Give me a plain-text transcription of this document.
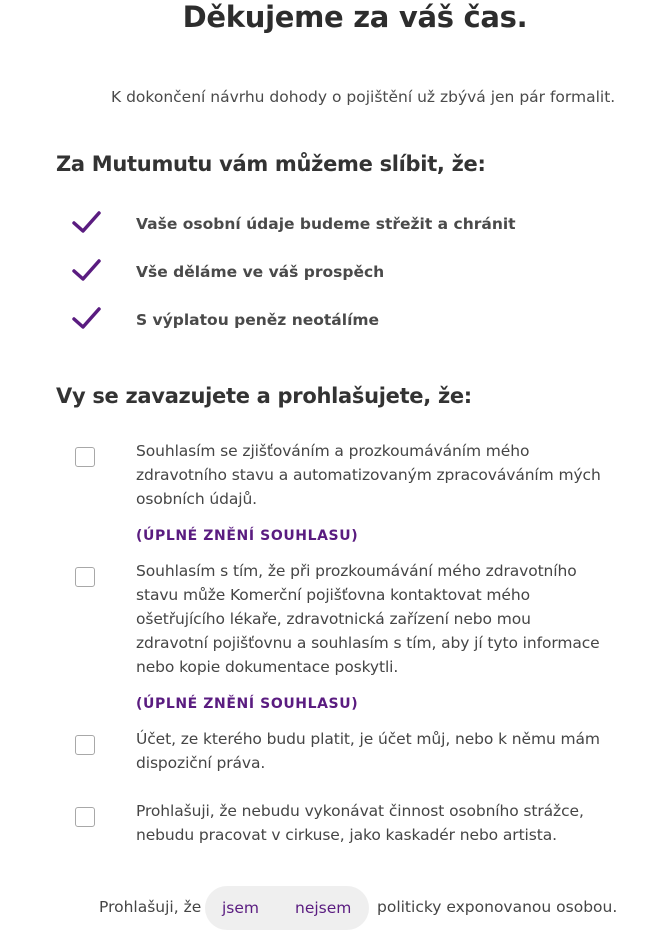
Děkujeme za váš čas.
K dokončení návrhu dohody o pojištění už zbývá jen pár formalit.
Za Mutumutu vám můžeme slíbit, že:
Vaše osobní údaje budeme střežit a chránit
Vše děláme ve váš prospěch
S výplatou peněz neotálíme
Vy se zavazujete a prohlašujete, že:
Souhlasím se zjišťováním a prozkoumáváním mého zdravotního stavu a automatizovaným zpracováváním mých osobních údajů.
(ÚPLNÉ ZNĚNÍ SOUHLASU)
Souhlasím s tím, že při prozkoumávání mého zdravotního stavu může Komerční pojišťovna kontaktovat mého ošetřujícího lékaře, zdravotnická zařízení nebo mou zdravotní pojišťovnu a souhlasím s tím, aby jí tyto informace nebo kopie dokumentace poskytli.
(ÚPLNÉ ZNĚNÍ SOUHLASU)
Účet, ze kterého budu platit, je účet můj, nebo k němu mám dispoziční práva.
Prohlašuji, že nebudu vykonávat činnost osobního strážce, nebudu pracovat v cirkuse, jako kaskadér nebo artista.
Prohlašuji, že jsem nejsem politicky exponovanou osobou.
